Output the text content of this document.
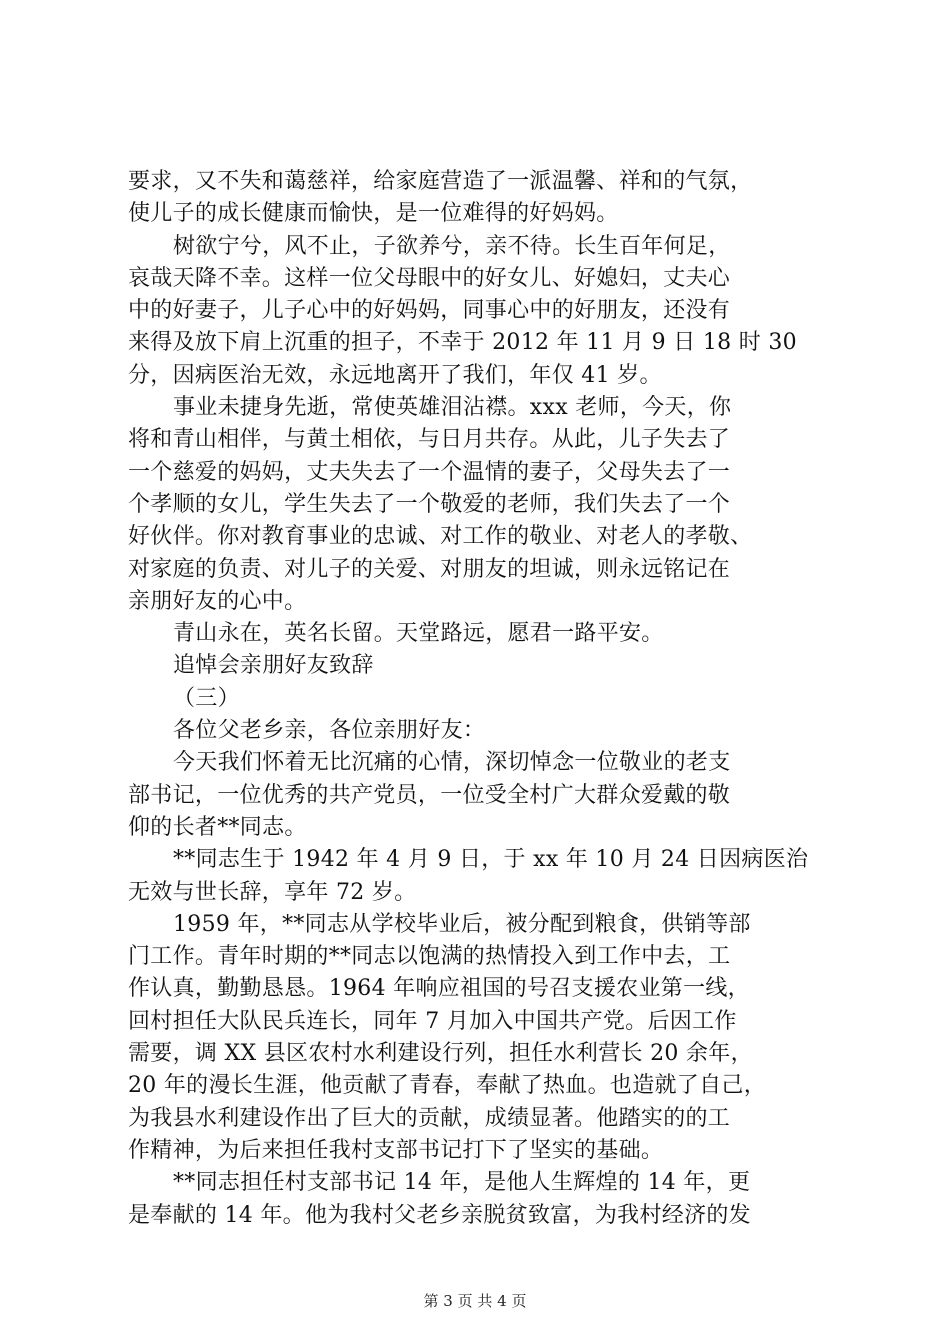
要求，又不失和蔼慈祥，给家庭营造了一派温馨、祥和的气氛，
使儿子的成长健康而愉快，是一位难得的好妈妈。
树欲宁兮，风不止，子欲养兮，亲不待。长生百年何足，
哀哉天降不幸。这样一位父母眼中的好女儿、好媳妇，丈夫心
中的好妻子，儿子心中的好妈妈，同事心中的好朋友，还没有
来得及放下肩上沉重的担子，不幸于 2012 年 11 月 9 日 18 时 30
分，因病医治无效，永远地离开了我们，年仅 41 岁。
事业未捷身先逝，常使英雄泪沾襟。xxx 老师，今天，你
将和青山相伴，与黄土相依，与日月共存。从此，儿子失去了
一个慈爱的妈妈，丈夫失去了一个温情的妻子，父母失去了一
个孝顺的女儿，学生失去了一个敬爱的老师，我们失去了一个
好伙伴。你对教育事业的忠诚、对工作的敬业、对老人的孝敬、
对家庭的负责、对儿子的关爱、对朋友的坦诚，则永远铭记在
亲朋好友的心中。
青山永在，英名长留。天堂路远，愿君一路平安。
追悼会亲朋好友致辞
（三）
各位父老乡亲，各位亲朋好友：
今天我们怀着无比沉痛的心情，深切悼念一位敬业的老支
部书记，一位优秀的共产党员，一位受全村广大群众爱戴的敬
仰的长者**同志。
**同志生于 1942 年 4 月 9 日，于 xx 年 10 月 24 日因病医治
无效与世长辞，享年 72 岁。
1959 年，**同志从学校毕业后，被分配到粮食，供销等部
门工作。青年时期的**同志以饱满的热情投入到工作中去，工
作认真，勤勤恳恳。1964 年响应祖国的号召支援农业第一线，
回村担任大队民兵连长，同年 7 月加入中国共产党。后因工作
需要，调 XX 县区农村水利建设行列，担任水利营长 20 余年，
20 年的漫长生涯，他贡献了青春，奉献了热血。也造就了自己，
为我县水利建设作出了巨大的贡献，成绩显著。他踏实的的工
作精神，为后来担任我村支部书记打下了坚实的基础。
**同志担任村支部书记 14 年，是他人生辉煌的 14 年，更
是奉献的 14 年。他为我村父老乡亲脱贫致富，为我村经济的发
第 3 页 共 4 页
